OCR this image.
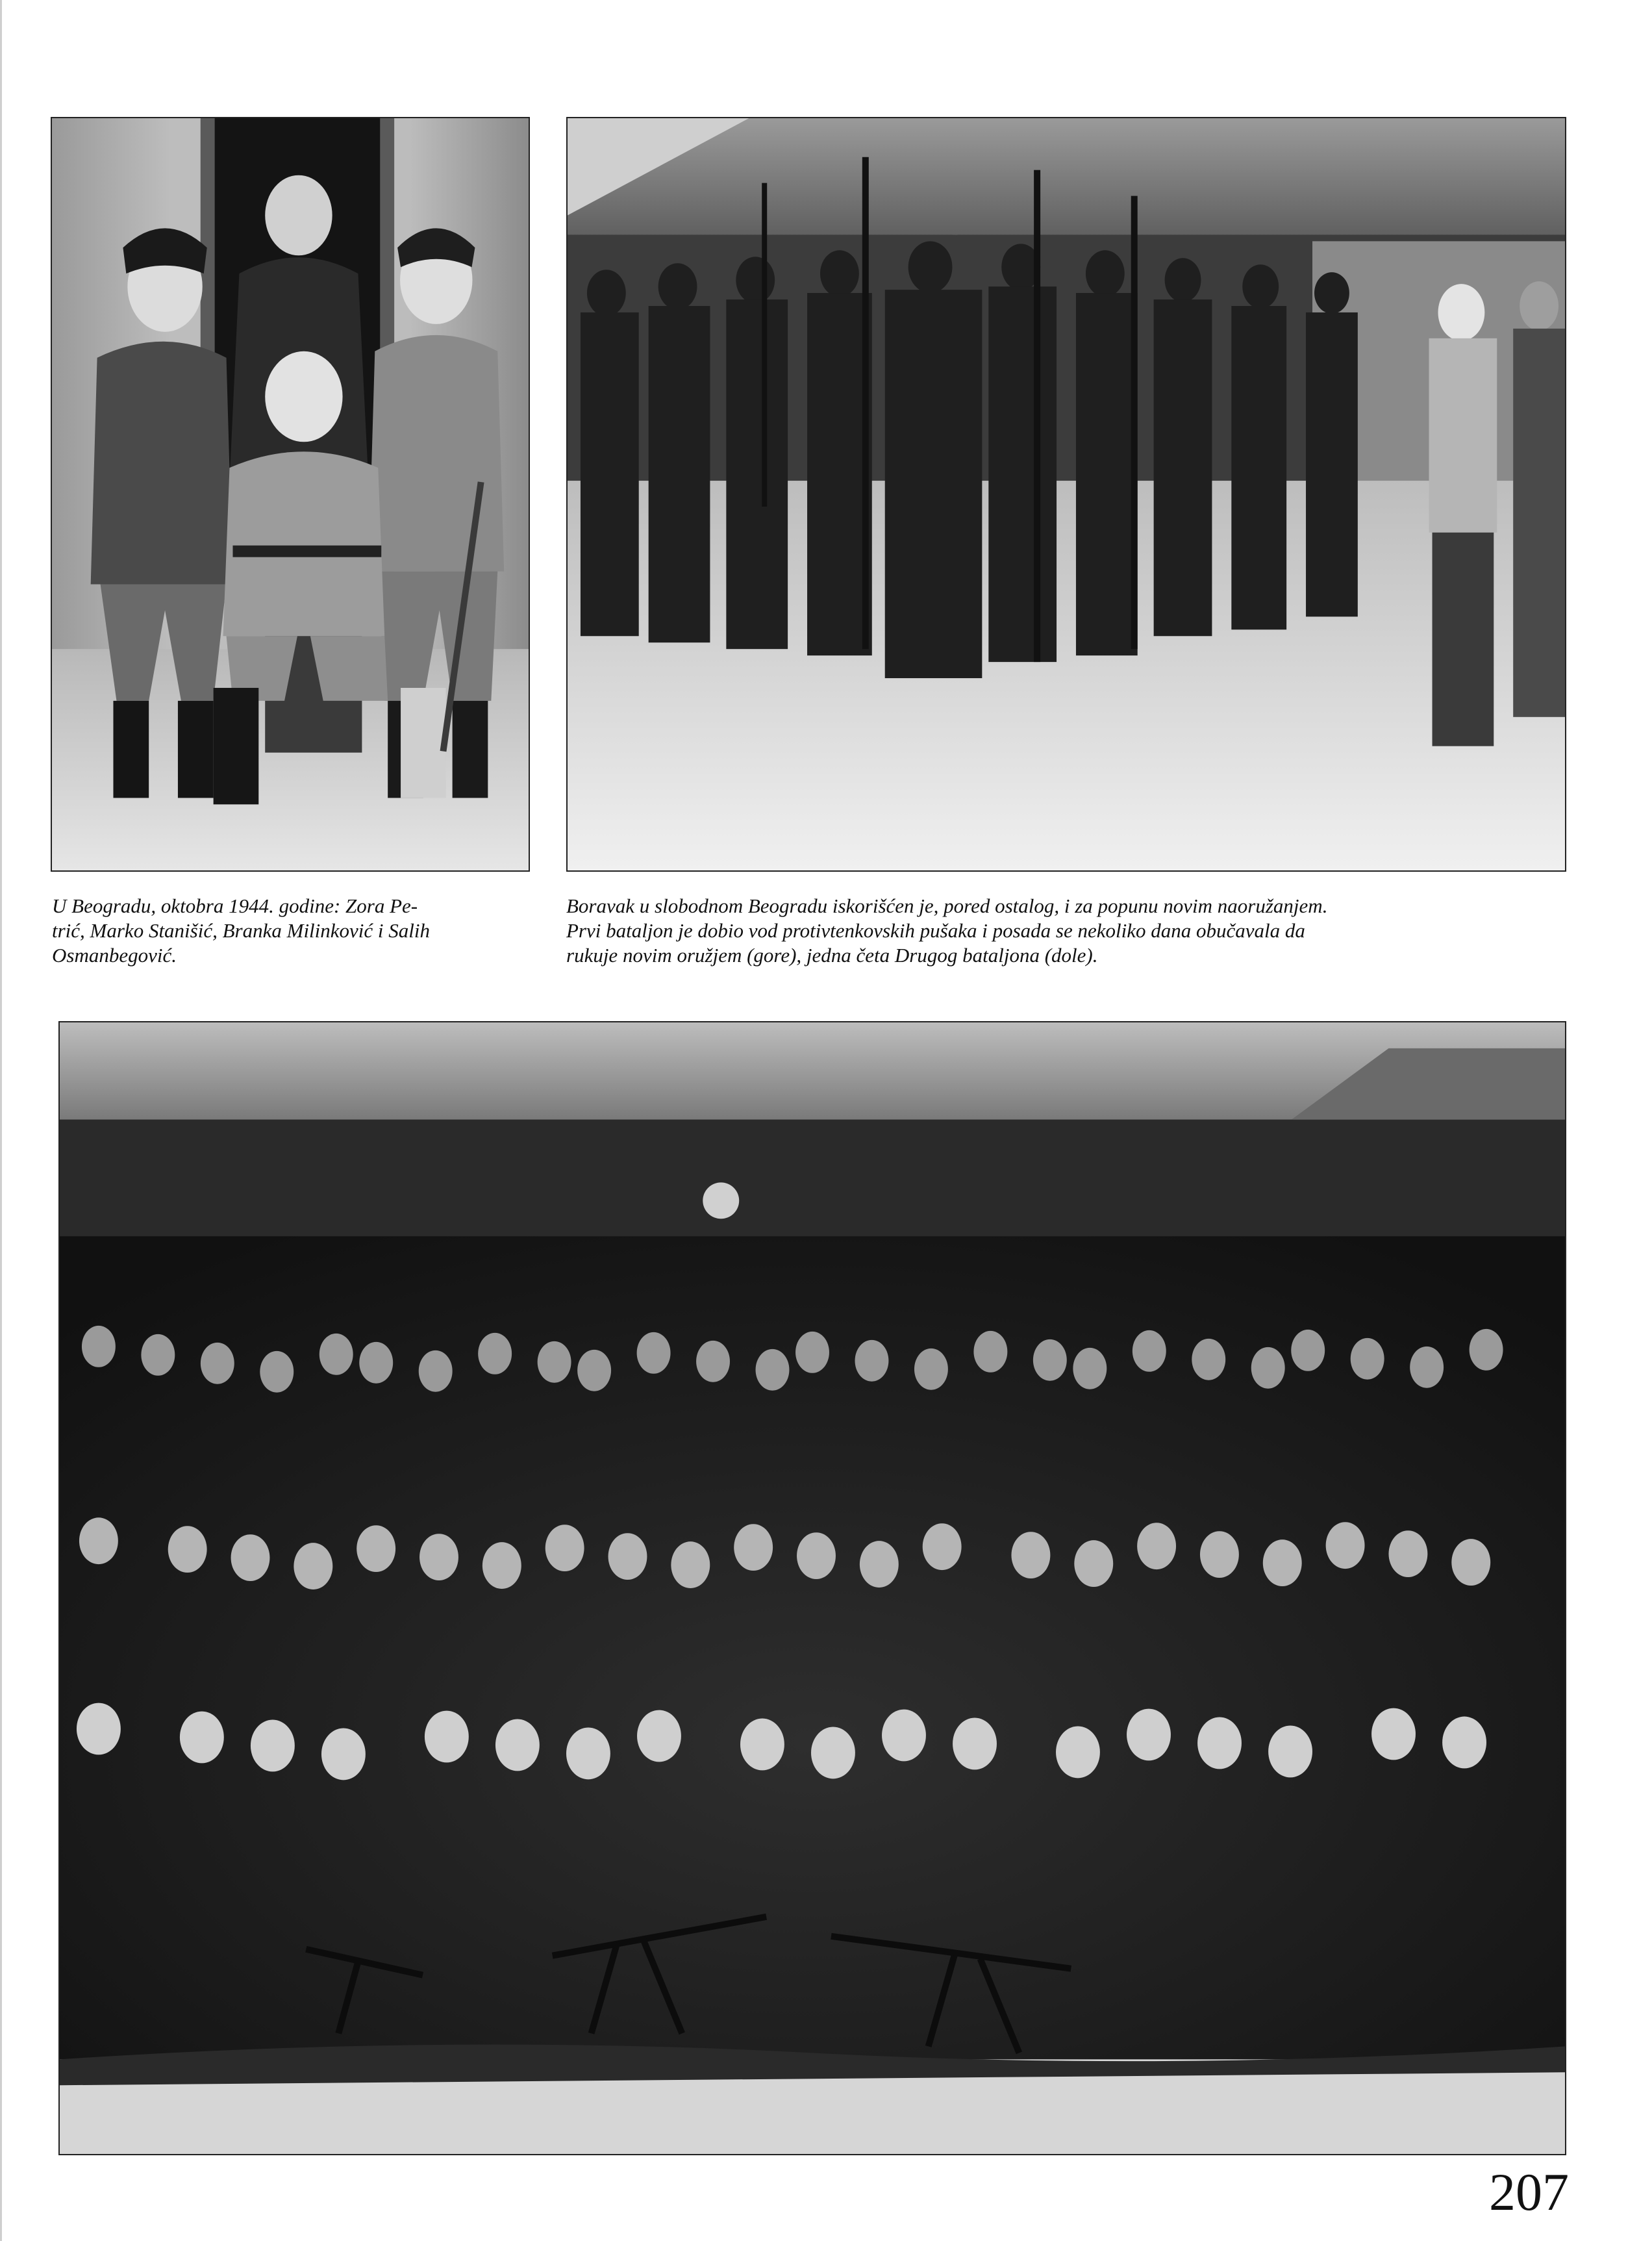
U Beogradu, oktobra 1944. godine: Zora Pe-
trić, Marko Stanišić, Branka Milinković i Salih
Osmanbegović.

Boravak u slobodnom Beogradu iskorišćen je, pored ostalog, i za popunu novim naoružanjem.
Prvi bataljon je dobio vod protivtenkovskih pušaka i posada se nekoliko dana obučavala da
rukuje novim oružjem (gore), jedna četa Drugog bataljona (dole).

207
